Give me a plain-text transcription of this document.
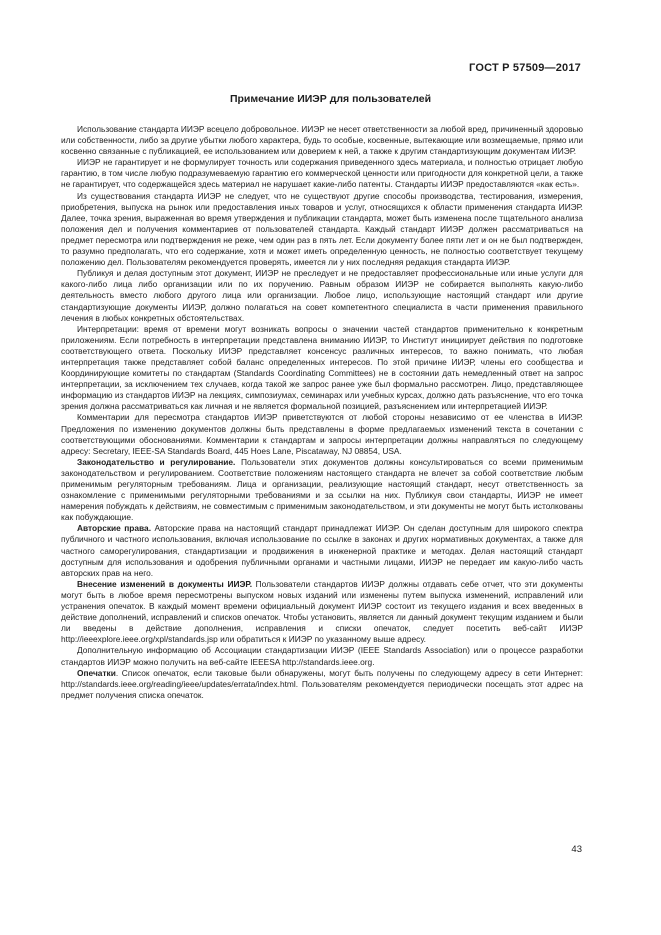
ГОСТ Р 57509—2017
Примечание ИИЭР для пользователей

Использование стандарта ИИЭР всецело добровольное. ИИЭР не несет ответственности за любой вред, причиненный здоровью или собственности, либо за другие убытки любого характера, будь то особые, косвенные, вытекающие или возмещаемые, прямо или косвенно связанные с публикацией, ее использованием или доверием к ней, а также к другим стандартизующим документам ИИЭР.

ИИЭР не гарантирует и не формулирует точность или содержания приведенного здесь материала, и полностью отрицает любую гарантию, в том числе любую подразумеваемую гарантию его коммерческой ценности или пригодности для конкретной цели, а также не гарантирует, что содержащейся здесь материал не нарушает какие-либо патенты. Стандарты ИИЭР предоставляются «как есть».

Из существования стандарта ИИЭР не следует, что не существуют другие способы производства, тестирования, измерения, приобретения, выпуска на рынок или предоставления иных товаров и услуг, относящихся к области применения стандарта ИИЭР. Далее, точка зрения, выраженная во время утверждения и публикации стандарта, может быть изменена после тщательного анализа положения дел и получения комментариев от пользователей стандарта. Каждый стандарт ИИЭР должен рассматриваться на предмет пересмотра или подтверждения не реже, чем один раз в пять лет. Если документу более пяти лет и он не был подтвержден, то разумно предполагать, что его содержание, хотя и может иметь определенную ценность, не полностью соответствует текущему положению дел. Пользователям рекомендуется проверять, имеется ли у них последняя редакция стандарта ИИЭР.

Публикуя и делая доступным этот документ, ИИЭР не преследует и не предоставляет профессиональные или иные услуги для какого-либо лица либо организации или по их поручению. Равным образом ИИЭР не собирается выполнять какую-либо деятельность вместо любого другого лица или организации. Любое лицо, использующие настоящий стандарт или другие стандартизующие документы ИИЭР, должно полагаться на совет компетентного специалиста в части применения правильного лечения в любых конкретных обстоятельствах.

Интерпретации: время от времени могут возникать вопросы о значении частей стандартов применительно к конкретным приложениям. Если потребность в интерпретации представлена вниманию ИИЭР, то Институт инициирует действия по подготовке соответствующего ответа. Поскольку ИИЭР представляет консенсус различных интересов, то важно понимать, что любая интерпретация также представляет собой баланс определенных интересов. По этой причине ИИЭР, члены его сообщества и Координирующие комитеты по стандартам (Standards Coordinating Committees) не в состоянии дать немедленный ответ на запрос интерпретации, за исключением тех случаев, когда такой же запрос ранее уже был формально рассмотрен. Лицо, представляющее информацию из стандартов ИИЭР на лекциях, симпозиумах, семинарах или учебных курсах, должно дать разъяснение, что его точка зрения должна рассматриваться как личная и не является формальной позицией, разъяснением или интерпретацией ИИЭР.

Комментарии для пересмотра стандартов ИИЭР приветствуются от любой стороны независимо от ее членства в ИИЭР. Предложения по изменению документов должны быть представлены в форме предлагаемых изменений текста в сочетании с соответствующими обоснованиями. Комментарии к стандартам и запросы интерпретации должны направляться по следующему адресу: Secretary, IEEE-SA Standards Board, 445 Hoes Lane, Piscataway, NJ 08854, USA.

Законодательство и регулирование. Пользователи этих документов должны консультироваться со всеми применимым законодательством и регулированием. Соответствие положениям настоящего стандарта не влечет за собой соответствие любым применимым регуляторным требованиям. Лица и организации, реализующие настоящий стандарт, несут ответственность за ознакомление с применимыми регуляторными требованиями и за ссылки на них. Публикуя свои стандарты, ИИЭР не имеет намерения побуждать к действиям, не совместимым с применимым законодательством, и эти документы не могут быть истолкованы как побуждающие.

Авторские права. Авторские права на настоящий стандарт принадлежат ИИЭР. Он сделан доступным для широкого спектра публичного и частного использования, включая использование по ссылке в законах и других нормативных документах, а также для частного саморегулирования, стандартизации и продвижения в инженерной практике и методах. Делая настоящий стандарт доступным для использования и одобрения публичными органами и частными лицами, ИИЭР не передает им какую-либо часть авторских прав на него.

Внесение изменений в документы ИИЭР. Пользователи стандартов ИИЭР должны отдавать себе отчет, что эти документы могут быть в любое время пересмотрены выпуском новых изданий или изменены путем выпуска изменений, исправлений или устранения опечаток. В каждый момент времени официальный документ ИИЭР состоит из текущего издания и всех введенных в действие дополнений, исправлений и списков опечаток. Чтобы установить, является ли данный документ текущим изданием и были ли введены в действие дополнения, исправления и списки опечаток, следует посетить веб-сайт ИИЭР http://ieeexplore.ieee.org/xpl/standards.jsp или обратиться к ИИЭР по указанному выше адресу.

Дополнительную информацию об Ассоциации стандартизации ИИЭР (IEEE Standards Association) или о процессе разработки стандартов ИИЭР можно получить на веб-сайте IEEESA http://standards.ieee.org.

Опечатки. Список опечаток, если таковые были обнаружены, могут быть получены по следующему адресу в сети Интернет: http://standards.ieee.org/reading/ieee/updates/errata/index.html. Пользователям рекомендуется периодически посещать этот адрес на предмет получения списка опечаток.

43
